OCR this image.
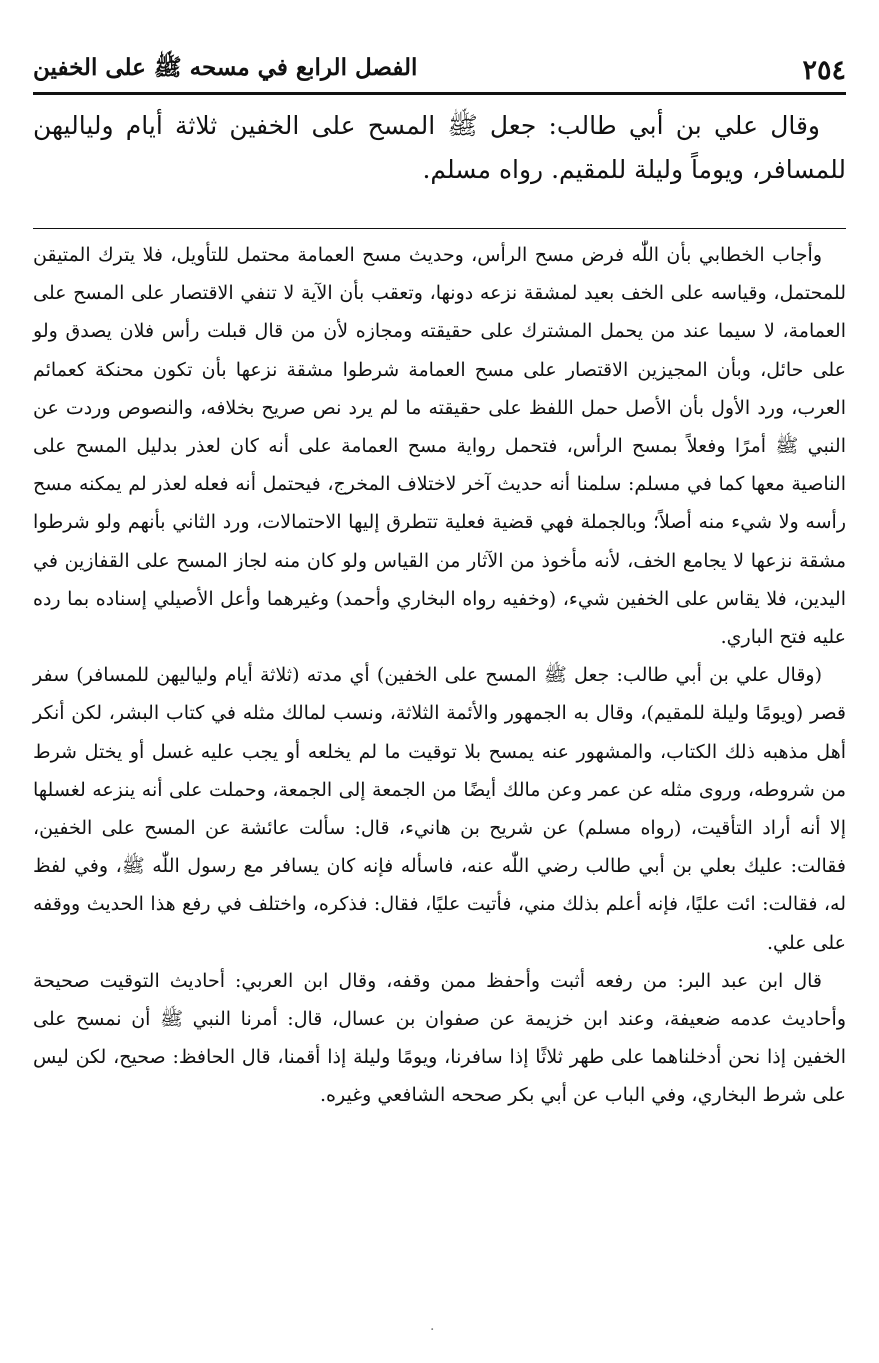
٢٥٤
الفصل الرابع في مسحه ﷺ على الخفين
وقال علي بن أبي طالب: جعل ﷺ المسح على الخفين ثلاثة أيام ولياليهن للمسافر، ويوماً وليلة للمقيم. رواه مسلم.

وأجاب الخطابي بأن اللّٰه فرض مسح الرأس، وحديث مسح العمامة محتمل للتأويل، فلا يترك المتيقن للمحتمل، وقياسه على الخف بعيد لمشقة نزعه دونها، وتعقب بأن الآية لا تنفي الاقتصار على المسح على العمامة، لا سيما عند من يحمل المشترك على حقيقته ومجازه لأن من قال قبلت رأس فلان يصدق ولو على حائل، وبأن المجيزين الاقتصار على مسح العمامة شرطوا مشقة نزعها بأن تكون محنكة كعمائم العرب، ورد الأول بأن الأصل حمل اللفظ على حقيقته ما لم يرد نص صريح بخلافه، والنصوص وردت عن النبي ﷺ أمرًا وفعلاً بمسح الرأس، فتحمل رواية مسح العمامة على أنه كان لعذر بدليل المسح على الناصية معها كما في مسلم: سلمنا أنه حديث آخر لاختلاف المخرج، فيحتمل أنه فعله لعذر لم يمكنه مسح رأسه ولا شيء منه أصلاً؛ وبالجملة فهي قضية فعلية تتطرق إليها الاحتمالات، ورد الثاني بأنهم ولو شرطوا مشقة نزعها لا يجامع الخف، لأنه مأخوذ من الآثار من القياس ولو كان منه لجاز المسح على القفازين في اليدين، فلا يقاس على الخفين شيء، (وخفيه رواه البخاري وأحمد) وغيرهما وأعل الأصيلي إسناده بما رده عليه فتح الباري.

(وقال علي بن أبي طالب: جعل ﷺ المسح على الخفين) أي مدته (ثلاثة أيام ولياليهن للمسافر) سفر قصر (ويومًا وليلة للمقيم)، وقال به الجمهور والأئمة الثلاثة، ونسب لمالك مثله في كتاب البشر، لكن أنكر أهل مذهبه ذلك الكتاب، والمشهور عنه يمسح بلا توقيت ما لم يخلعه أو يجب عليه غسل أو يختل شرط من شروطه، وروى مثله عن عمر وعن مالك أيضًا من الجمعة إلى الجمعة، وحملت على أنه ينزعه لغسلها إلا أنه أراد التأقيت، (رواه مسلم) عن شريح بن هانيء، قال: سألت عائشة عن المسح على الخفين، فقالت: عليك بعلي بن أبي طالب رضي اللّٰه عنه، فاسأله فإنه كان يسافر مع رسول اللّٰه ﷺ، وفي لفظ له، فقالت: ائت عليًا، فإنه أعلم بذلك مني، فأتيت عليًا، فقال: فذكره، واختلف في رفع هذا الحديث ووقفه على علي.

قال ابن عبد البر: من رفعه أثبت وأحفظ ممن وقفه، وقال ابن العربي: أحاديث التوقيت صحيحة وأحاديث عدمه ضعيفة، وعند ابن خزيمة عن صفوان بن عسال، قال: أمرنا النبي ﷺ أن نمسح على الخفين إذا نحن أدخلناهما على طهر ثلاثًا إذا سافرنا، ويومًا وليلة إذا أقمنا، قال الحافظ: صحيح، لكن ليس على شرط البخاري، وفي الباب عن أبي بكر صححه الشافعي وغيره.

·
